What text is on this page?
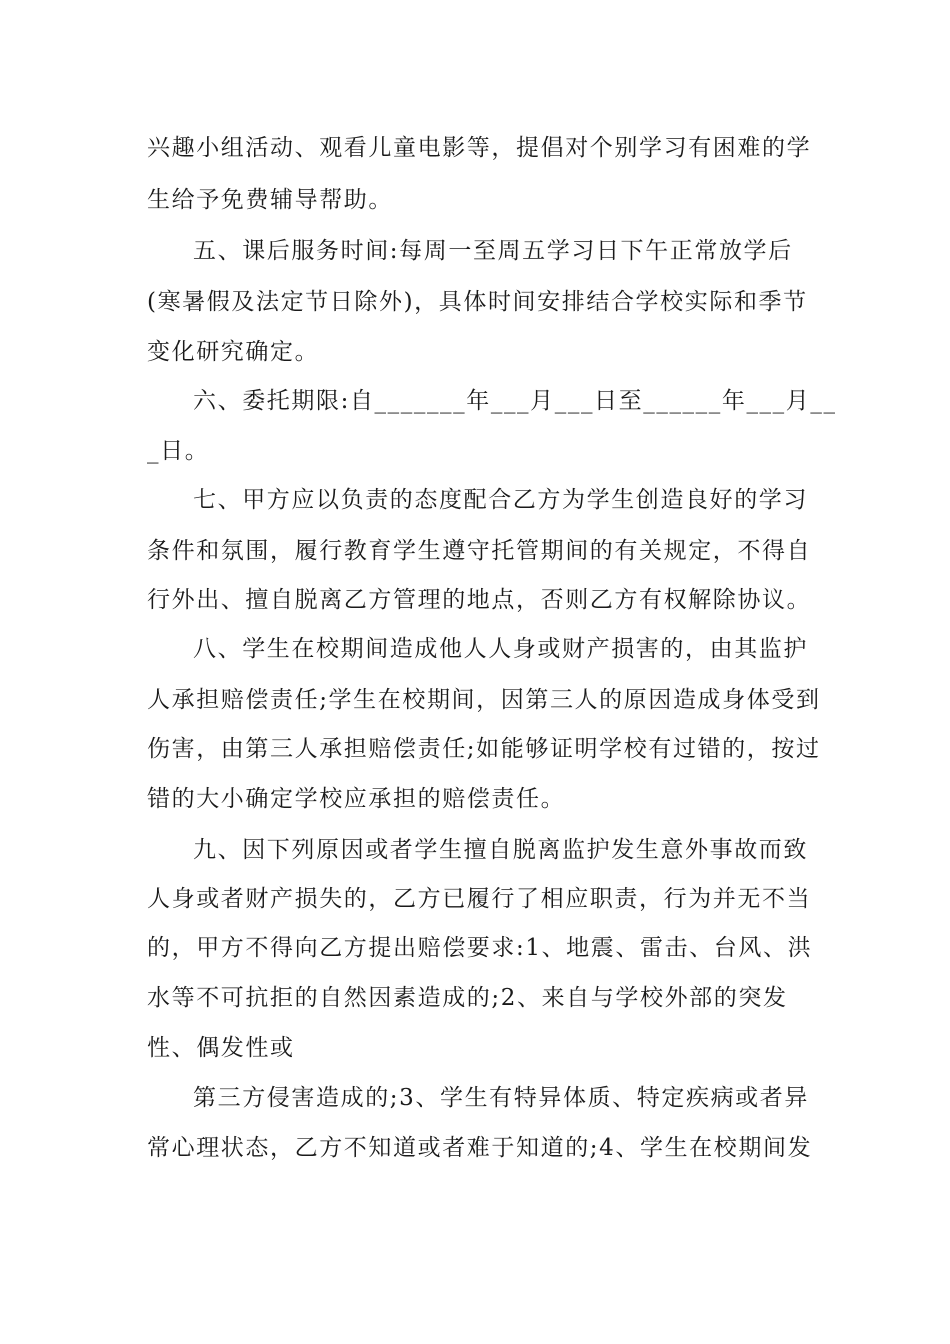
兴趣小组活动、观看儿童电影等，提倡对个别学习有困难的学
生给予免费辅导帮助。
五、课后服务时间:每周一至周五学习日下午正常放学后
(寒暑假及法定节日除外)，具体时间安排结合学校实际和季节
变化研究确定。
六、委托期限:自_______年___月___日至______年___月__
_日。
七、甲方应以负责的态度配合乙方为学生创造良好的学习
条件和氛围，履行教育学生遵守托管期间的有关规定，不得自
行外出、擅自脱离乙方管理的地点，否则乙方有权解除协议。
八、学生在校期间造成他人人身或财产损害的，由其监护
人承担赔偿责任;学生在校期间，因第三人的原因造成身体受到
伤害，由第三人承担赔偿责任;如能够证明学校有过错的，按过
错的大小确定学校应承担的赔偿责任。
九、因下列原因或者学生擅自脱离监护发生意外事故而致
人身或者财产损失的，乙方已履行了相应职责，行为并无不当
的，甲方不得向乙方提出赔偿要求:1、地震、雷击、台风、洪
水等不可抗拒的自然因素造成的;2、来自与学校外部的突发
性、偶发性或
第三方侵害造成的;3、学生有特异体质、特定疾病或者异
常心理状态，乙方不知道或者难于知道的;4、学生在校期间发
